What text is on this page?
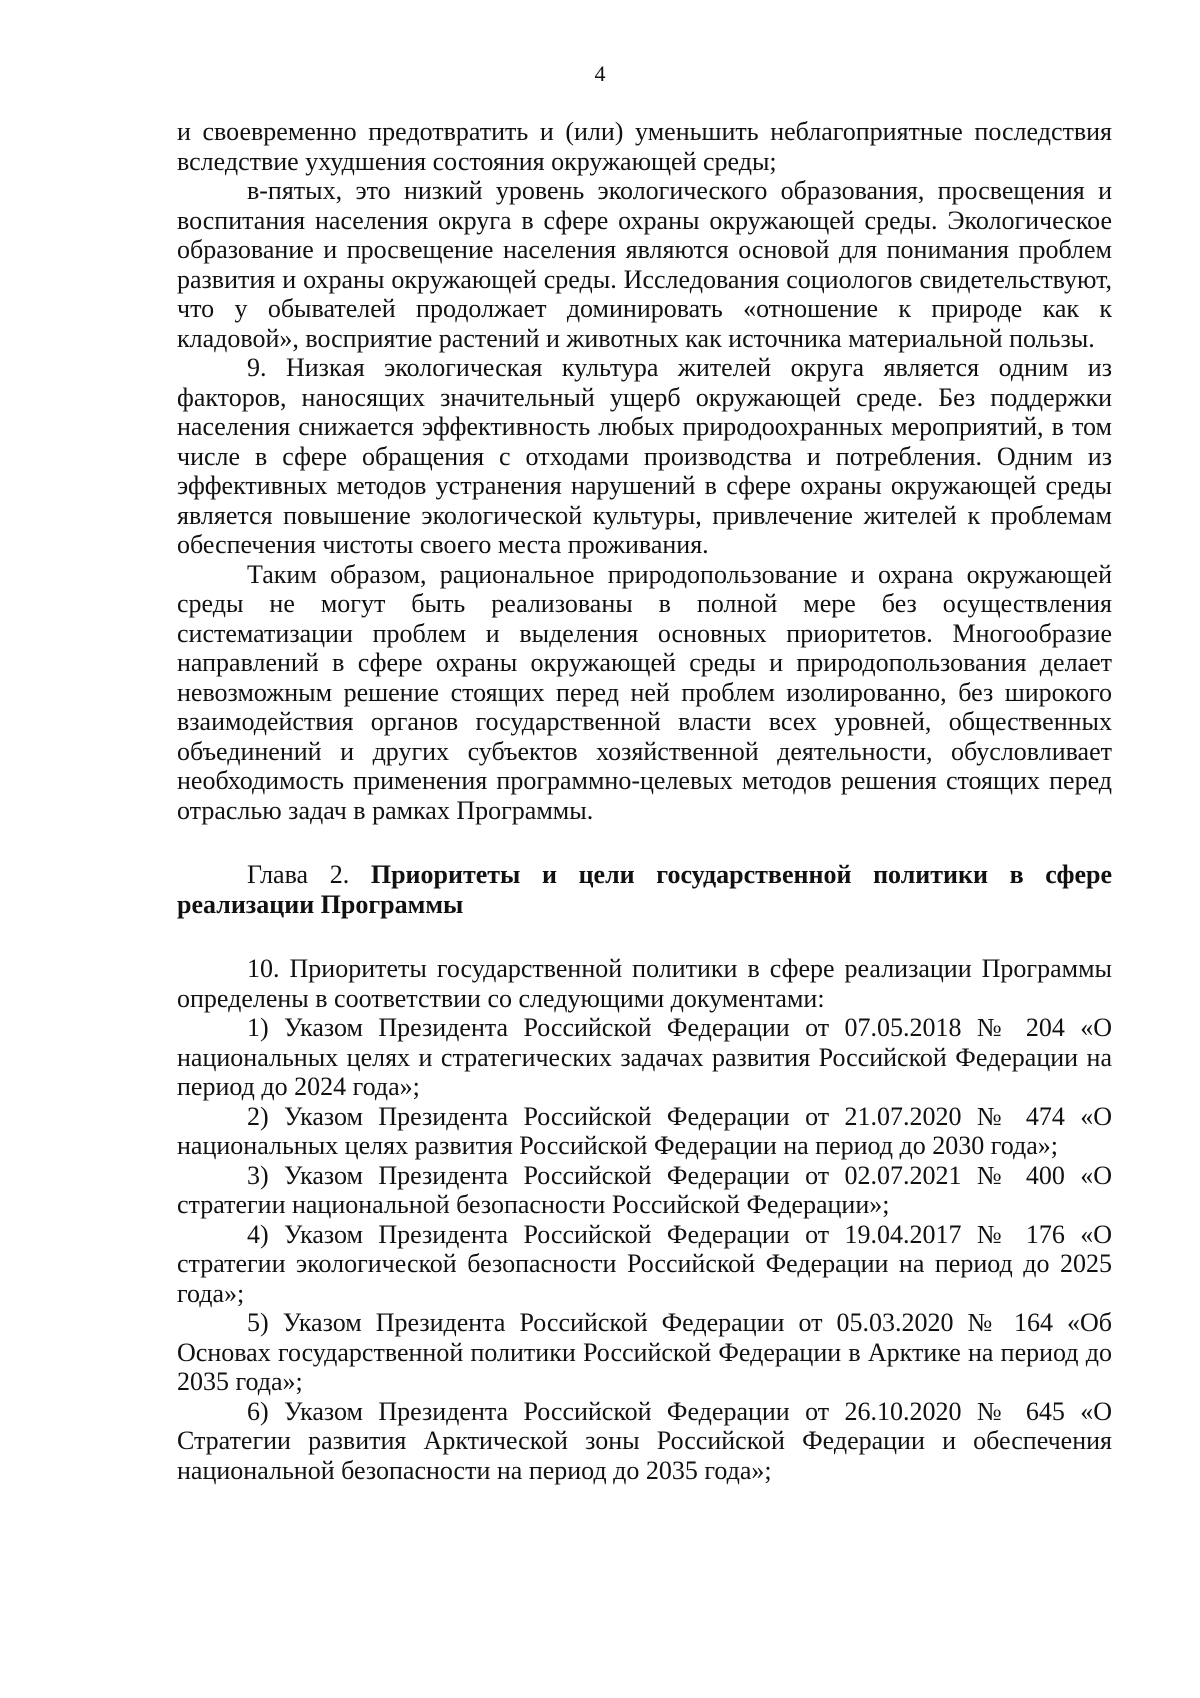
4

и своевременно предотвратить и (или) уменьшить неблагоприятные последствия вследствие ухудшения состояния окружающей среды;

в-пятых, это низкий уровень экологического образования, просвещения и воспитания населения округа в сфере охраны окружающей среды. Экологическое образование и просвещение населения являются основой для понимания проблем развития и охраны окружающей среды. Исследования социологов свидетельствуют, что у обывателей продолжает доминировать «отношение к природе как к кладовой», восприятие растений и животных как источника материальной пользы.

9. Низкая экологическая культура жителей округа является одним из факторов, наносящих значительный ущерб окружающей среде. Без поддержки населения снижается эффективность любых природоохранных мероприятий, в том числе в сфере обращения с отходами производства и потребления. Одним из эффективных методов устранения нарушений в сфере охраны окружающей среды является повышение экологической культуры, привлечение жителей к проблемам обеспечения чистоты своего места проживания.

Таким образом, рациональное природопользование и охрана окружающей среды не могут быть реализованы в полной мере без осуществления систематизации проблем и выделения основных приоритетов. Многообразие направлений в сфере охраны окружающей среды и природопользования делает невозможным решение стоящих перед ней проблем изолированно, без широкого взаимодействия органов государственной власти всех уровней, общественных объединений и других субъектов хозяйственной деятельности, обусловливает необходимость применения программно-целевых методов решения стоящих перед отраслью задач в рамках Программы.

Глава 2. Приоритеты и цели государственной политики в сфере реализации Программы

10. Приоритеты государственной политики в сфере реализации Программы определены в соответствии со следующими документами:

1) Указом Президента Российской Федерации от 07.05.2018 № 204 «О национальных целях и стратегических задачах развития Российской Федерации на период до 2024 года»;

2) Указом Президента Российской Федерации от 21.07.2020 № 474 «О национальных целях развития Российской Федерации на период до 2030 года»;

3) Указом Президента Российской Федерации от 02.07.2021 № 400 «О стратегии национальной безопасности Российской Федерации»;

4) Указом Президента Российской Федерации от 19.04.2017 № 176 «О стратегии экологической безопасности Российской Федерации на период до 2025 года»;

5) Указом Президента Российской Федерации от 05.03.2020 № 164 «Об Основах государственной политики Российской Федерации в Арктике на период до 2035 года»;

6) Указом Президента Российской Федерации от 26.10.2020 № 645 «О Стратегии развития Арктической зоны Российской Федерации и обеспечения национальной безопасности на период до 2035 года»;
